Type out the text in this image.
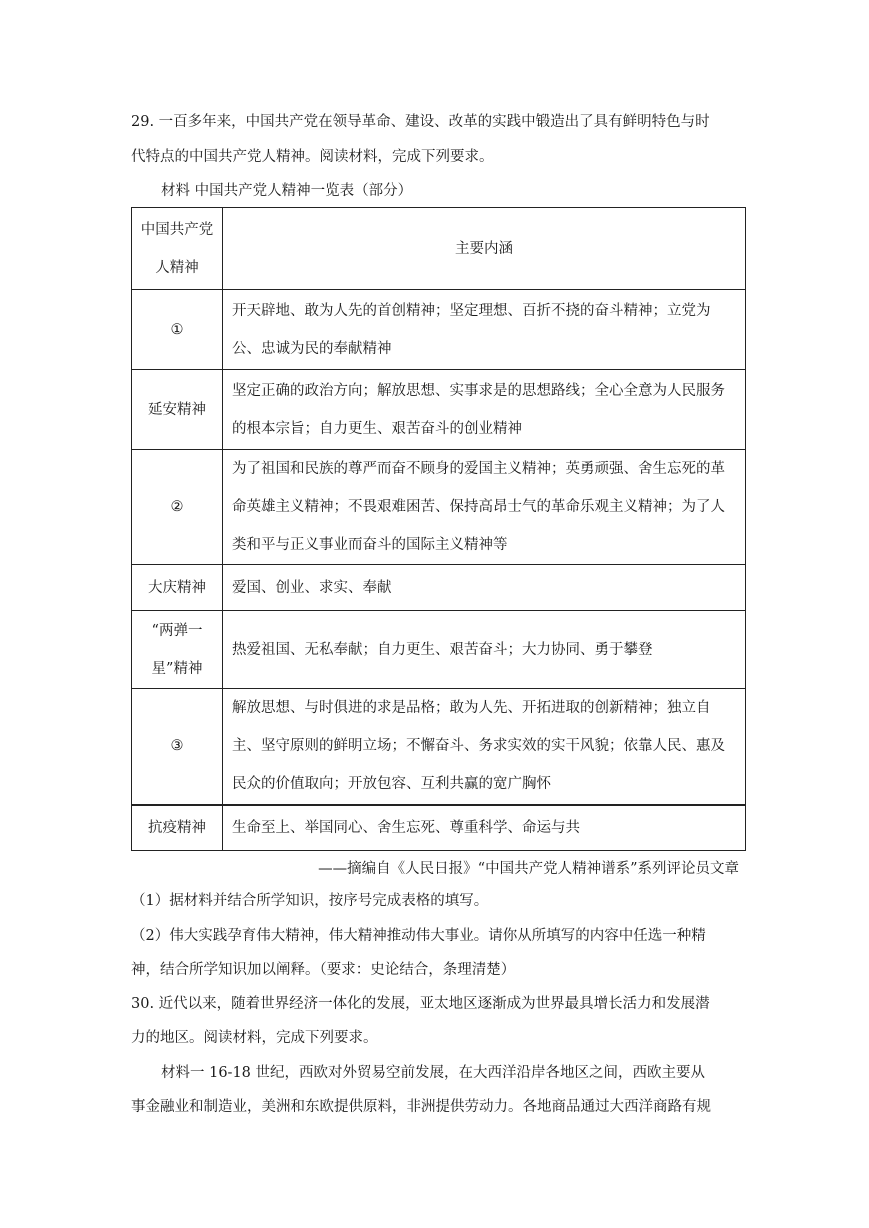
29. 一百多年来，中国共产党在领导革命、建设、改革的实践中锻造出了具有鲜明特色与时
代特点的中国共产党人精神。阅读材料，完成下列要求。
材料 中国共产党人精神一览表（部分）
中国共产党人精神	主要内涵
①	开天辟地、敢为人先的首创精神；坚定理想、百折不挠的奋斗精神；立党为公、忠诚为民的奉献精神
延安精神	坚定正确的政治方向；解放思想、实事求是的思想路线；全心全意为人民服务的根本宗旨；自力更生、艰苦奋斗的创业精神
②	为了祖国和民族的尊严而奋不顾身的爱国主义精神；英勇顽强、舍生忘死的革命英雄主义精神；不畏艰难困苦、保持高昂士气的革命乐观主义精神；为了人类和平与正义事业而奋斗的国际主义精神等
大庆精神	爱国、创业、求实、奉献
“两弹一星”精神	热爱祖国、无私奉献；自力更生、艰苦奋斗；大力协同、勇于攀登
③	解放思想、与时俱进的求是品格；敢为人先、开拓进取的创新精神；独立自主、坚守原则的鲜明立场；不懈奋斗、务求实效的实干风貌；依靠人民、惠及民众的价值取向；开放包容、互利共赢的宽广胸怀
抗疫精神	生命至上、举国同心、舍生忘死、尊重科学、命运与共
——摘编自《人民日报》“中国共产党人精神谱系”系列评论员文章
（1）据材料并结合所学知识，按序号完成表格的填写。
（2）伟大实践孕育伟大精神，伟大精神推动伟大事业。请你从所填写的内容中任选一种精
神，结合所学知识加以阐释。（要求：史论结合，条理清楚）
30. 近代以来，随着世界经济一体化的发展，亚太地区逐渐成为世界最具增长活力和发展潜
力的地区。阅读材料，完成下列要求。
材料一 16-18 世纪，西欧对外贸易空前发展，在大西洋沿岸各地区之间，西欧主要从
事金融业和制造业，美洲和东欧提供原料，非洲提供劳动力。各地商品通过大西洋商路有规
